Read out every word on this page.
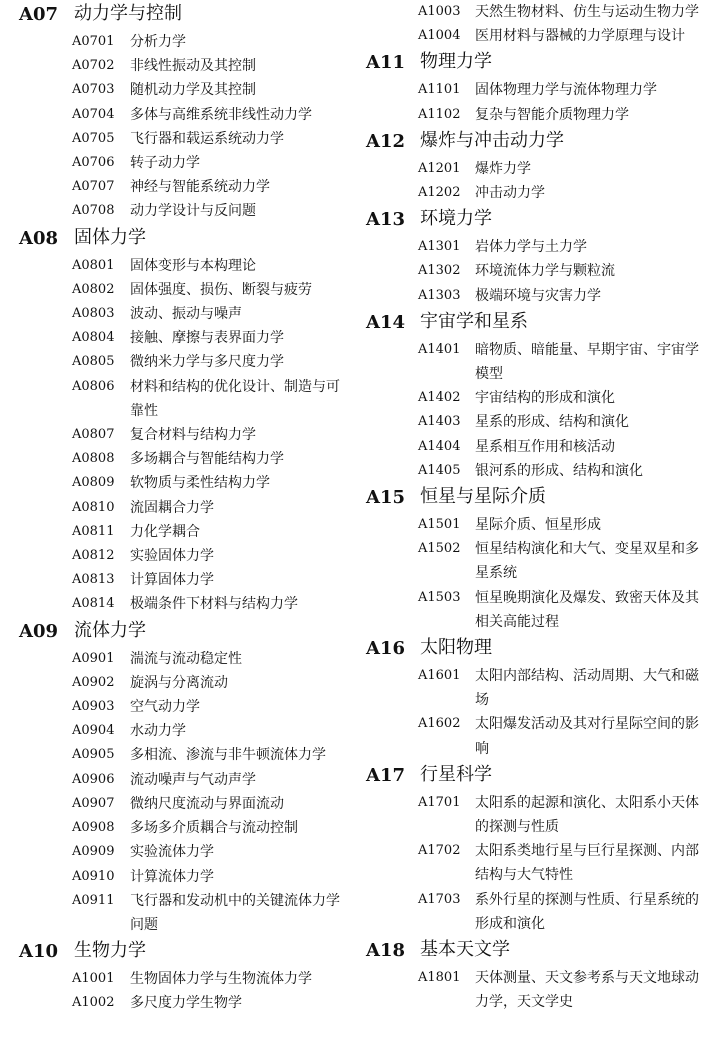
A07 动力学与控制
A0701 分析力学
A0702 非线性振动及其控制
A0703 随机动力学及其控制
A0704 多体与高维系统非线性动力学
A0705 飞行器和载运系统动力学
A0706 转子动力学
A0707 神经与智能系统动力学
A0708 动力学设计与反问题
A08 固体力学
A0801 固体变形与本构理论
A0802 固体强度、损伤、断裂与疲劳
A0803 波动、振动与噪声
A0804 接触、摩擦与表界面力学
A0805 微纳米力学与多尺度力学
A0806 材料和结构的优化设计、制造与可靠性
A0807 复合材料与结构力学
A0808 多场耦合与智能结构力学
A0809 软物质与柔性结构力学
A0810 流固耦合力学
A0811 力化学耦合
A0812 实验固体力学
A0813 计算固体力学
A0814 极端条件下材料与结构力学
A09 流体力学
A0901 湍流与流动稳定性
A0902 旋涡与分离流动
A0903 空气动力学
A0904 水动力学
A0905 多相流、渗流与非牛顿流体力学
A0906 流动噪声与气动声学
A0907 微纳尺度流动与界面流动
A0908 多场多介质耦合与流动控制
A0909 实验流体力学
A0910 计算流体力学
A0911 飞行器和发动机中的关键流体力学问题
A10 生物力学
A1001 生物固体力学与生物流体力学
A1002 多尺度力学生物学
A1003 天然生物材料、仿生与运动生物力学
A1004 医用材料与器械的力学原理与设计
A11 物理力学
A1101 固体物理力学与流体物理力学
A1102 复杂与智能介质物理力学
A12 爆炸与冲击动力学
A1201 爆炸力学
A1202 冲击动力学
A13 环境力学
A1301 岩体力学与土力学
A1302 环境流体力学与颗粒流
A1303 极端环境与灾害力学
A14 宇宙学和星系
A1401 暗物质、暗能量、早期宇宙、宇宙学模型
A1402 宇宙结构的形成和演化
A1403 星系的形成、结构和演化
A1404 星系相互作用和核活动
A1405 银河系的形成、结构和演化
A15 恒星与星际介质
A1501 星际介质、恒星形成
A1502 恒星结构演化和大气、变星双星和多星系统
A1503 恒星晚期演化及爆发、致密天体及其相关高能过程
A16 太阳物理
A1601 太阳内部结构、活动周期、大气和磁场
A1602 太阳爆发活动及其对行星际空间的影响
A17 行星科学
A1701 太阳系的起源和演化、太阳系小天体的探测与性质
A1702 太阳系类地行星与巨行星探测、内部结构与大气特性
A1703 系外行星的探测与性质、行星系统的形成和演化
A18 基本天文学
A1801 天体测量、天文参考系与天文地球动力学，天文学史
